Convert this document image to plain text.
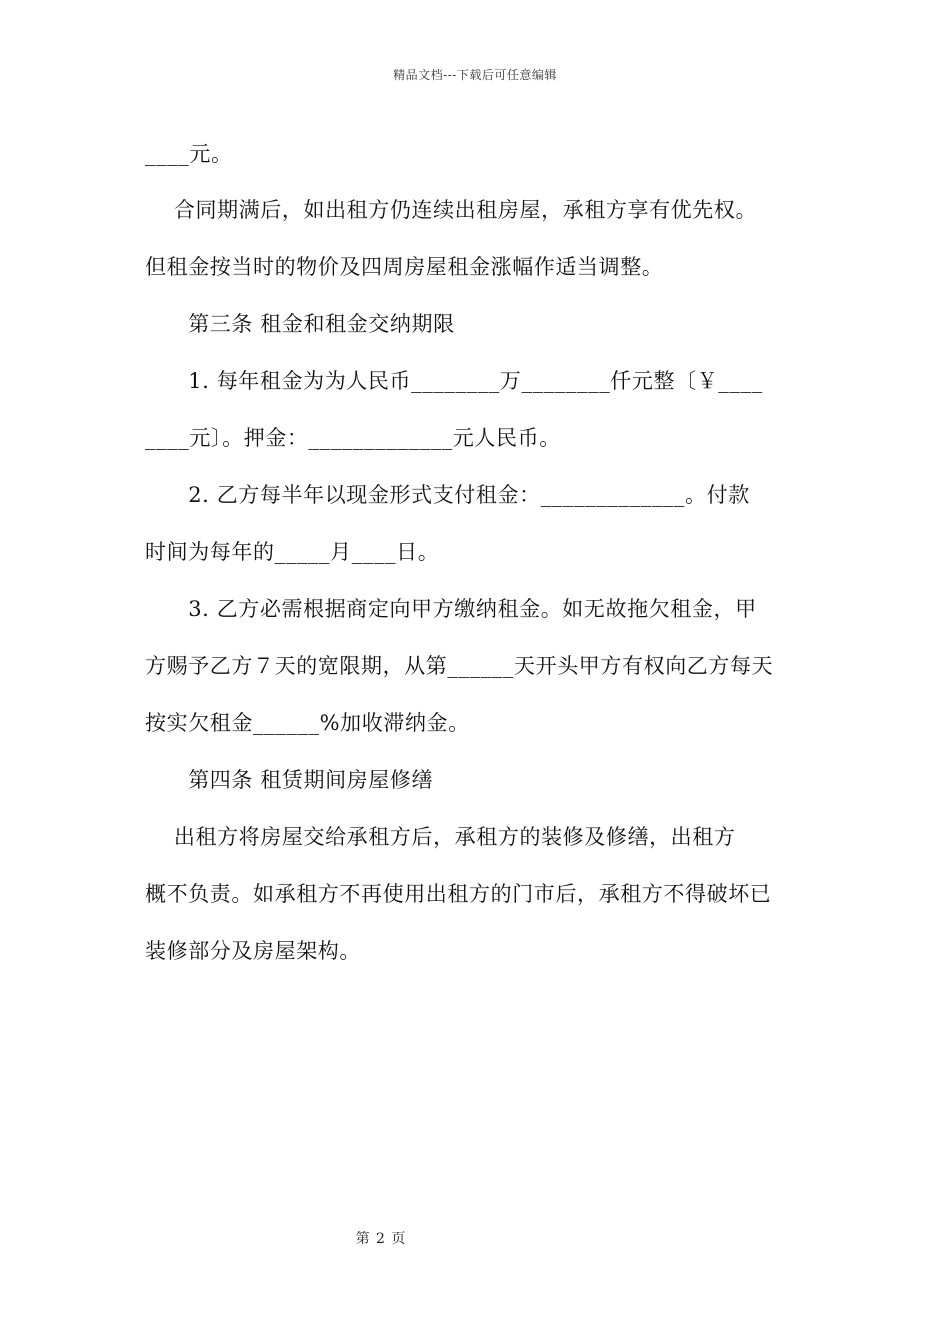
精品文档---下载后可任意编辑
____元。
　 合同期满后，如出租方仍连续出租房屋，承租方享有优先权。
但租金按当时的物价及四周房屋租金涨幅作适当调整。
　　第三条 租金和租金交纳期限
　　1. 每年租金为为人民币________万________仟元整〔￥____
____元〕。押金：_____________元人民币。
　　2. 乙方每半年以现金形式支付租金：_____________。付款
时间为每年的_____月____日。
　　3. 乙方必需根据商定向甲方缴纳租金。如无故拖欠租金，甲
方赐予乙方７天的宽限期，从第______天开头甲方有权向乙方每天
按实欠租金______%加收滞纳金。
　　第四条 租赁期间房屋修缮
　 出租方将房屋交给承租方后，承租方的装修及修缮，出租方
概不负责。如承租方不再使用出租方的门市后，承租方不得破坏已
装修部分及房屋架构。
第 2 页
